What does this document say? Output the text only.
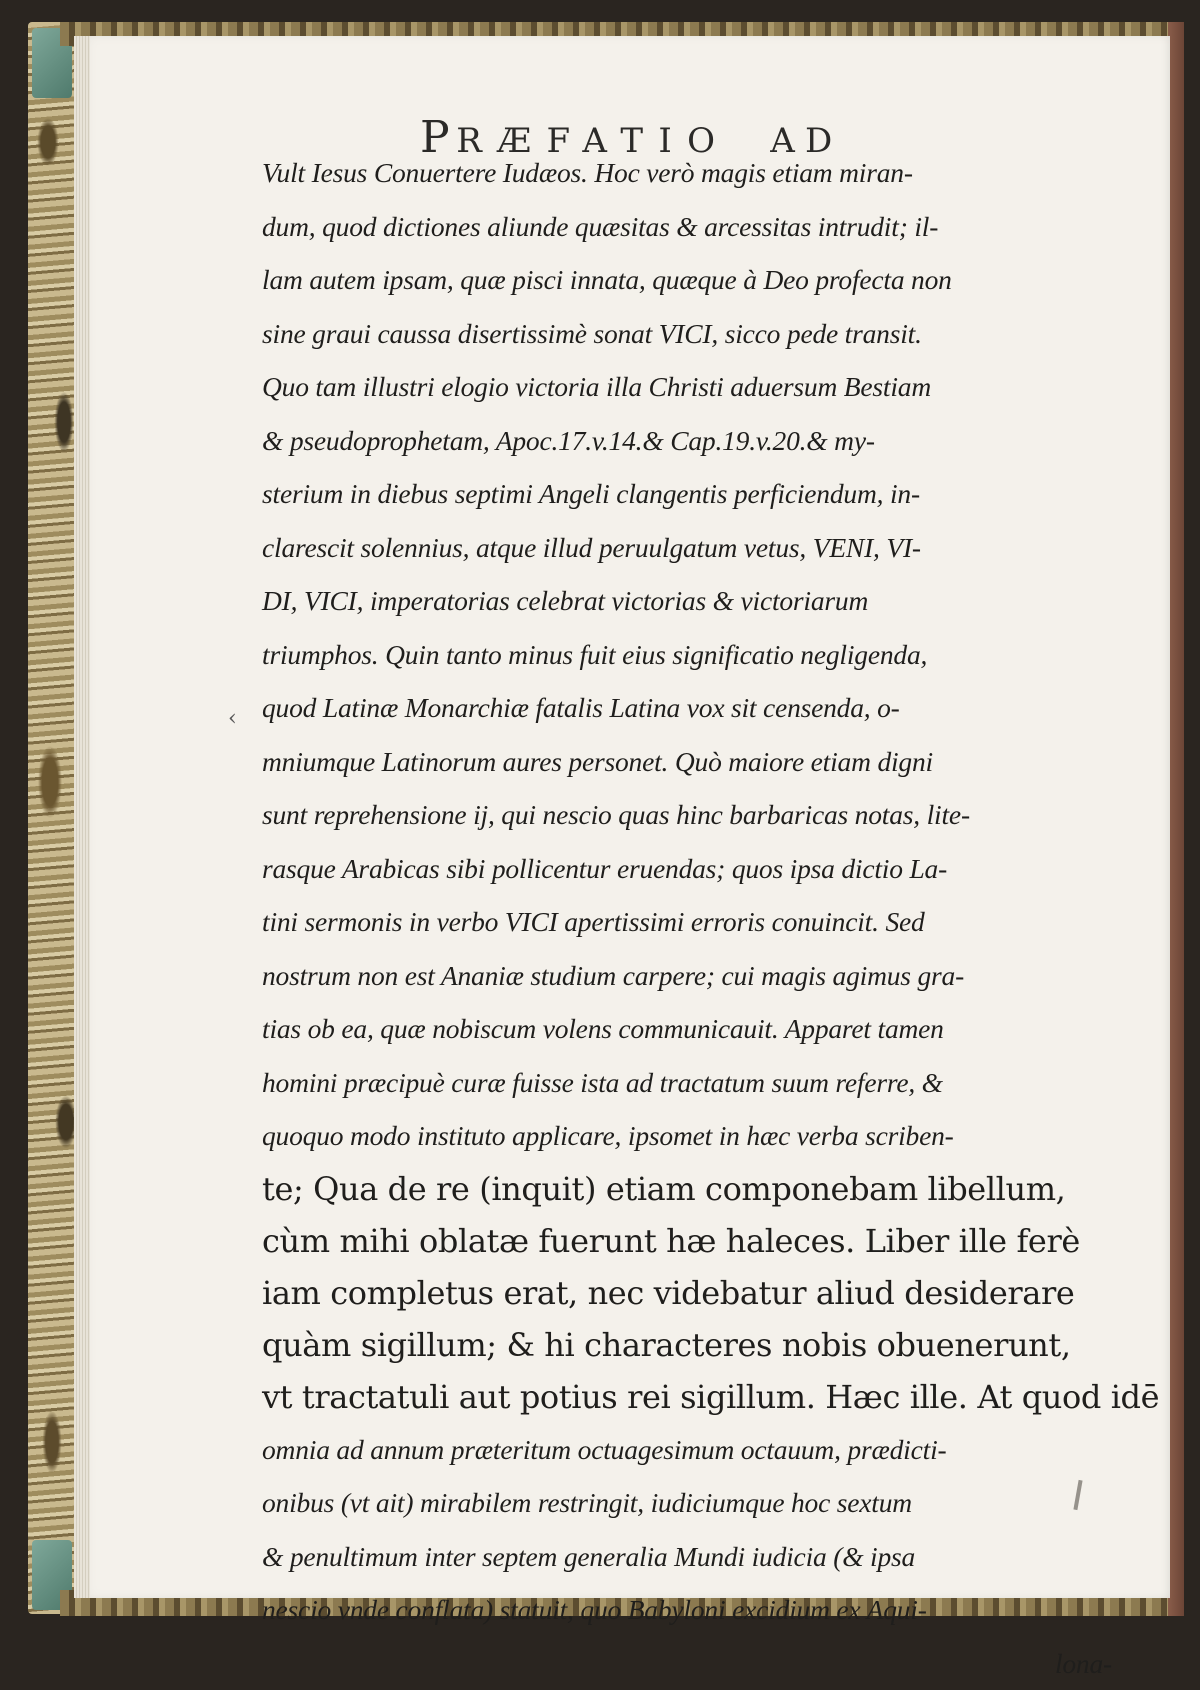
PRÆFATIO AD
‹
Vult Iesus Conuertere Iudæos. Hoc verò magis etiam miran-
dum, quod dictiones aliunde quæsitas & arcessitas intrudit; il-
lam autem ipsam, quæ pisci innata, quæque à Deo profecta non
sine graui caussa disertissimè sonat VICI, sicco pede transit.
Quo tam illustri elogio victoria illa Christi aduersum Bestiam
& pseudoprophetam, Apoc.17.v.14.& Cap.19.v.20.& my-
sterium in diebus septimi Angeli clangentis perficiendum, in-
clarescit solennius, atque illud peruulgatum vetus, VENI, VI-
DI, VICI, imperatorias celebrat victorias & victoriarum
triumphos. Quin tanto minus fuit eius significatio negligenda,
quod Latinæ Monarchiæ fatalis Latina vox sit censenda, o-
mniumque Latinorum aures personet. Quò maiore etiam digni
sunt reprehensione ij, qui nescio quas hinc barbaricas notas, lite-
rasque Arabicas sibi pollicentur eruendas; quos ipsa dictio La-
tini sermonis in verbo VICI apertissimi erroris conuincit. Sed
nostrum non est Ananiæ studium carpere; cui magis agimus gra-
tias ob ea, quæ nobiscum volens communicauit. Apparet tamen
homini præcipuè curæ fuisse ista ad tractatum suum referre, &
quoquo modo instituto applicare, ipsomet in hæc verba scriben-
te; Qua de re (inquit) etiam componebam libellum,
cùm mihi oblatæ fuerunt hæ haleces. Liber ille ferè
iam completus erat, nec videbatur aliud desiderare
quàm sigillum; & hi characteres nobis obuenerunt,
vt tractatuli aut potius rei sigillum. Hæc ille. At quod idē
omnia ad annum præteritum octuagesimum octauum, prædicti-
onibus (vt ait) mirabilem restringit, iudiciumque hoc sextum
& penultimum inter septem generalia Mundi iudicia (& ipsa
nescio vnde conflata) statuit, quo Babyloni excidium ex Aqui-
lona-
